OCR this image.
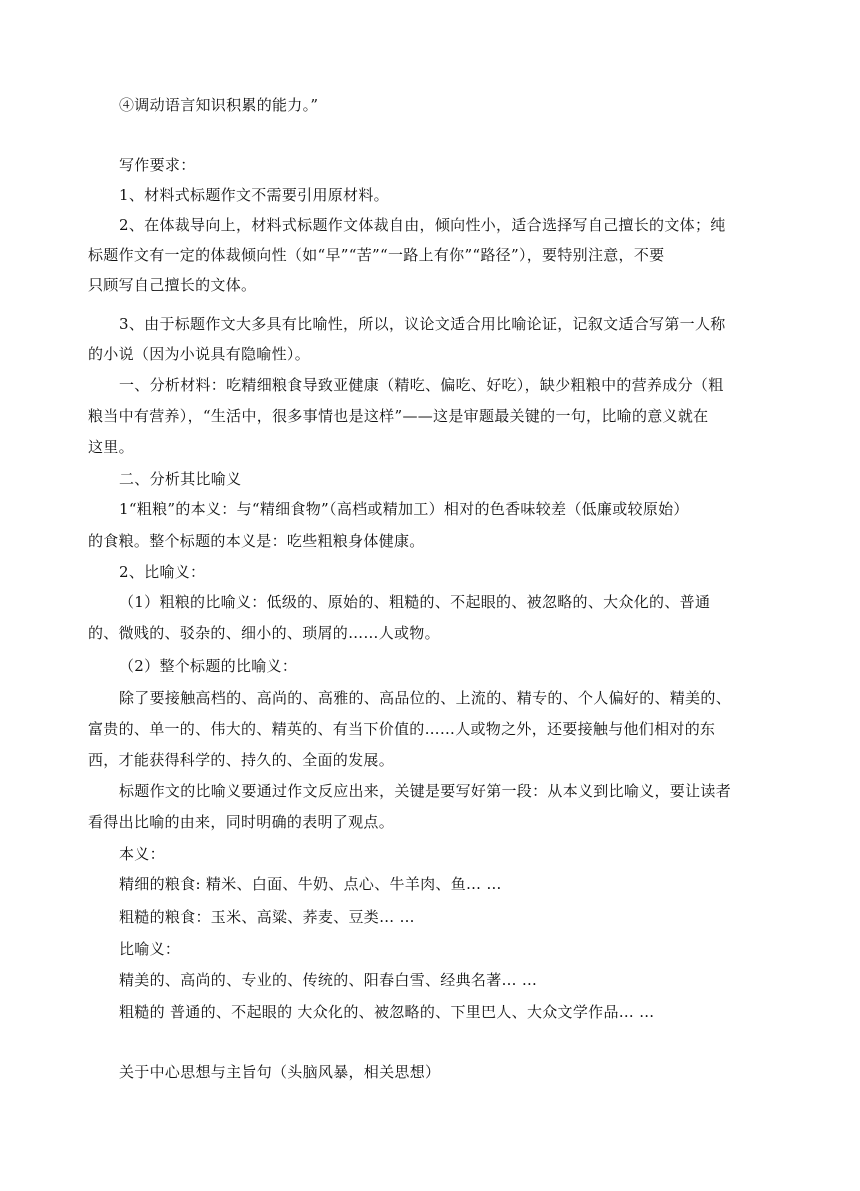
④调动语言知识积累的能力。”
写作要求：
1、材料式标题作文不需要引用原材料。
2、在体裁导向上，材料式标题作文体裁自由，倾向性小，适合选择写自己擅长的文体；纯
标题作文有一定的体裁倾向性（如“早”“苦”“一路上有你”“路径”），要特别注意，不要
只顾写自己擅长的文体。
3、由于标题作文大多具有比喻性，所以，议论文适合用比喻论证，记叙文适合写第一人称
的小说（因为小说具有隐喻性）。
一、分析材料：吃精细粮食导致亚健康（精吃、偏吃、好吃），缺少粗粮中的营养成分（粗
粮当中有营养），“生活中，很多事情也是这样”——这是审题最关键的一句，比喻的意义就在
这里。
二、分析其比喻义
1“粗粮”的本义：与“精细食物”（高档或精加工）相对的色香味较差（低廉或较原始）
的食粮。整个标题的本义是：吃些粗粮身体健康。
2、比喻义：
（1）粗粮的比喻义：低级的、原始的、粗糙的、不起眼的、被忽略的、大众化的、普通
的、微贱的、驳杂的、细小的、琐屑的……人或物。
（2）整个标题的比喻义：
除了要接触高档的、高尚的、高雅的、高品位的、上流的、精专的、个人偏好的、精美的、
富贵的、单一的、伟大的、精英的、有当下价值的……人或物之外，还要接触与他们相对的东
西，才能获得科学的、持久的、全面的发展。
标题作文的比喻义要通过作文反应出来，关键是要写好第一段：从本义到比喻义，要让读者
看得出比喻的由来，同时明确的表明了观点。
本义：
精细的粮食: 精米、白面、牛奶、点心、牛羊肉、鱼… …
粗糙的粮食：玉米、高粱、荞麦、豆类… …
比喻义：
精美的、高尚的、专业的、传统的、阳春白雪、经典名著… …
粗糙的 普通的、不起眼的 大众化的、被忽略的、下里巴人、大众文学作品… …
关于中心思想与主旨句（头脑风暴，相关思想）
